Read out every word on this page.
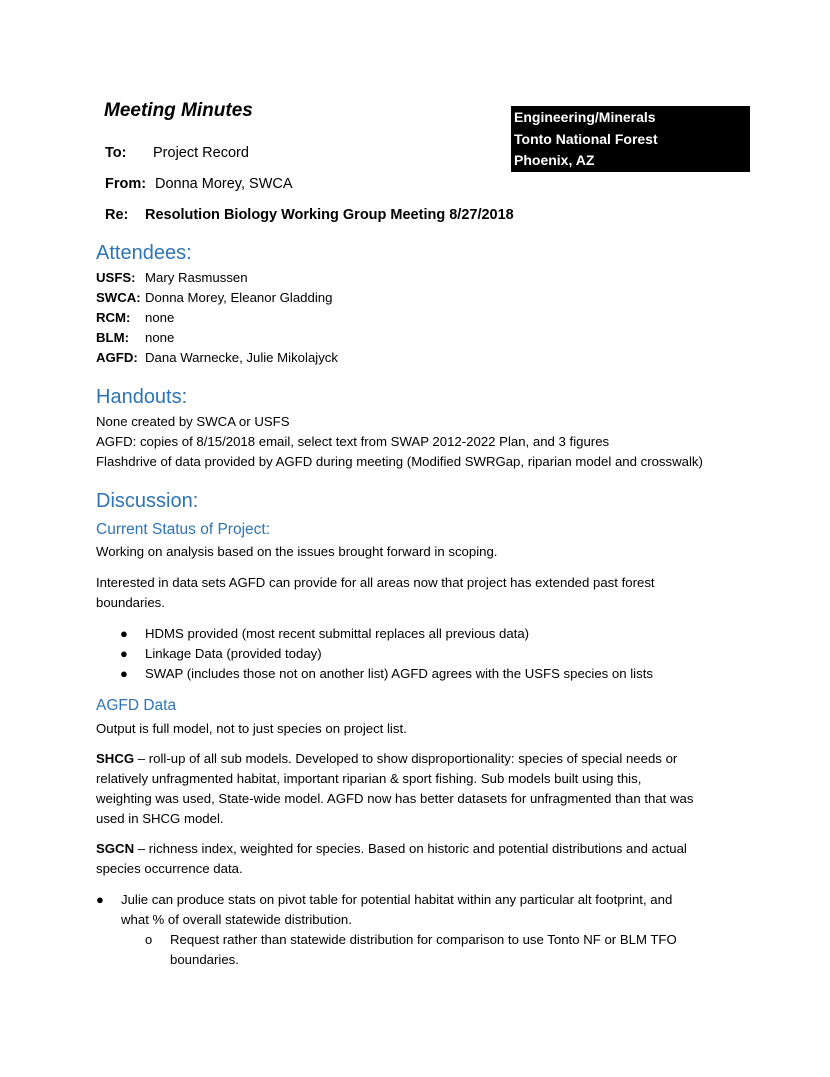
Meeting Minutes	Engineering/Minerals
Tonto National Forest
Phoenix, AZ
To: Project Record
From: Donna Morey, SWCA
Re: Resolution Biology Working Group Meeting 8/27/2018
Attendees:
USFS: Mary Rasmussen
SWCA: Donna Morey, Eleanor Gladding
RCM: none
BLM: none
AGFD: Dana Warnecke, Julie Mikolajyck
Handouts:
None created by SWCA or USFS
AGFD: copies of 8/15/2018 email, select text from SWAP 2012-2022 Plan, and 3 figures
Flashdrive of data provided by AGFD during meeting (Modified SWRGap, riparian model and crosswalk)
Discussion:
Current Status of Project:
Working on analysis based on the issues brought forward in scoping.
Interested in data sets AGFD can provide for all areas now that project has extended past forest
boundaries.
● HDMS provided (most recent submittal replaces all previous data)
● Linkage Data (provided today)
● SWAP (includes those not on another list) AGFD agrees with the USFS species on lists
AGFD Data
Output is full model, not to just species on project list.
SHCG – roll-up of all sub models. Developed to show disproportionality: species of special needs or
relatively unfragmented habitat, important riparian & sport fishing. Sub models built using this,
weighting was used, State-wide model. AGFD now has better datasets for unfragmented than that was
used in SHCG model.
SGCN – richness index, weighted for species. Based on historic and potential distributions and actual
species occurrence data.
● Julie can produce stats on pivot table for potential habitat within any particular alt footprint, and
what % of overall statewide distribution.
o Request rather than statewide distribution for comparison to use Tonto NF or BLM TFO
boundaries.
